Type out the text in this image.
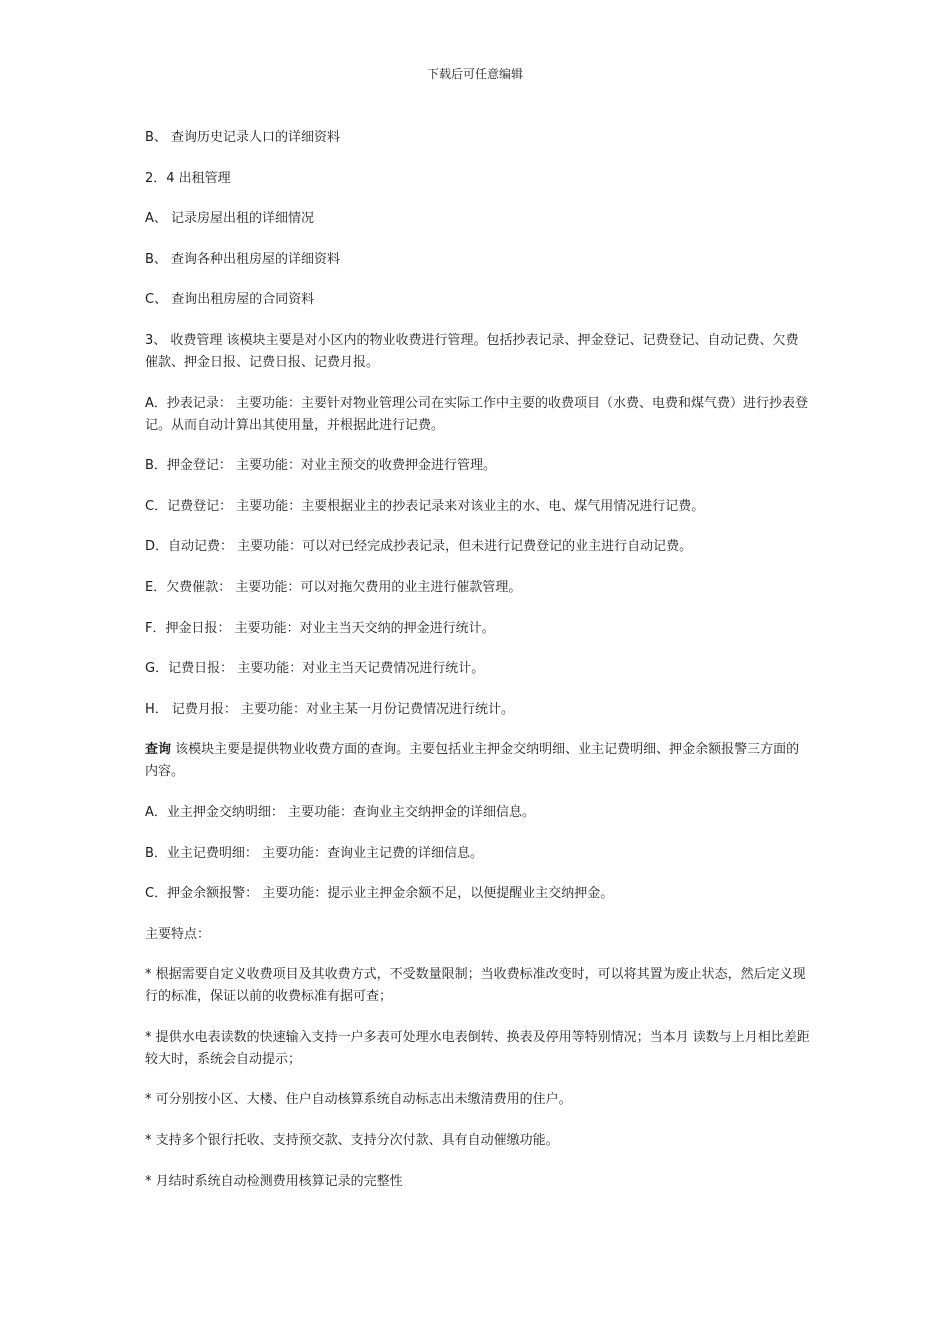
下载后可任意编辑

B、 查询历史记录人口的详细资料

2．4 出租管理

A、 记录房屋出租的详细情况

B、 查询各种出租房屋的详细资料

C、 查询出租房屋的合同资料

3、 收费管理 该模块主要是对小区内的物业收费进行管理。包括抄表记录、押金登记、记费登记、自动记费、欠费催款、押金日报、记费日报、记费月报。

A．抄表记录： 主要功能：主要针对物业管理公司在实际工作中主要的收费项目（水费、电费和煤气费）进行抄表登记。从而自动计算出其使用量，并根据此进行记费。

B．押金登记： 主要功能：对业主预交的收费押金进行管理。

C．记费登记： 主要功能：主要根据业主的抄表记录来对该业主的水、电、煤气用情况进行记费。

D．自动记费： 主要功能：可以对已经完成抄表记录，但未进行记费登记的业主进行自动记费。

E．欠费催款： 主要功能：可以对拖欠费用的业主进行催款管理。

F．押金日报： 主要功能：对业主当天交纳的押金进行统计。

G．记费日报： 主要功能：对业主当天记费情况进行统计。

H． 记费月报： 主要功能：对业主某一月份记费情况进行统计。

查询 该模块主要是提供物业收费方面的查询。主要包括业主押金交纳明细、业主记费明细、押金余额报警三方面的内容。

A．业主押金交纳明细： 主要功能：查询业主交纳押金的详细信息。

B．业主记费明细： 主要功能：查询业主记费的详细信息。

C．押金余额报警： 主要功能：提示业主押金余额不足，以便提醒业主交纳押金。

主要特点：

* 根据需要自定义收费项目及其收费方式，不受数量限制；当收费标准改变时，可以将其置为废止状态，然后定义现行的标准，保证以前的收费标准有据可查；

* 提供水电表读数的快速输入支持一户多表可处理水电表倒转、换表及停用等特别情况；当本月 读数与上月相比差距较大时，系统会自动提示；

* 可分别按小区、大楼、住户自动核算系统自动标志出未缴清费用的住户。

* 支持多个银行托收、支持预交款、支持分次付款、具有自动催缴功能。

* 月结时系统自动检测费用核算记录的完整性
